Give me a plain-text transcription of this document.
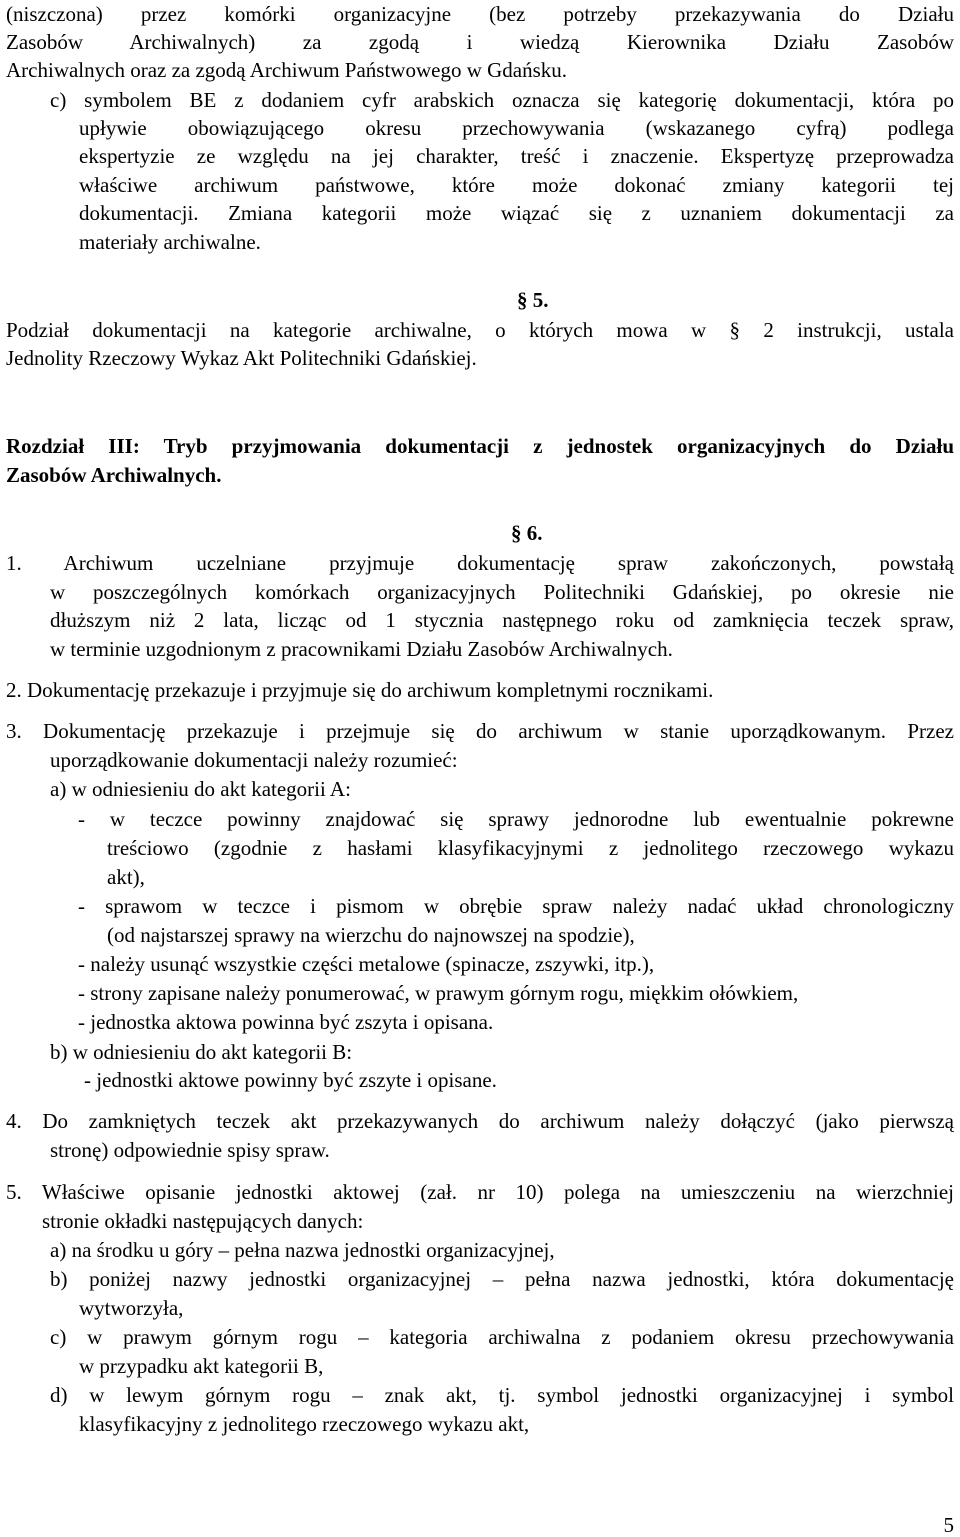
5
(niszczona) przez komórki organizacyjne (bez potrzeby przekazywania do Działu
Zasobów Archiwalnych) za zgodą i wiedzą Kierownika Działu Zasobów
Archiwalnych oraz za zgodą Archiwum Państwowego w Gdańsku.
c) symbolem BE z dodaniem cyfr arabskich oznacza się kategorię dokumentacji, która po
upływie obowiązującego okresu przechowywania (wskazanego cyfrą) podlega
ekspertyzie ze względu na jej charakter, treść i znaczenie. Ekspertyzę przeprowadza
właściwe archiwum państwowe, które może dokonać zmiany kategorii tej
dokumentacji. Zmiana kategorii może wiązać się z uznaniem dokumentacji za
materiały archiwalne.
§ 5.
Podział dokumentacji na kategorie archiwalne, o których mowa w § 2 instrukcji, ustala
Jednolity Rzeczowy Wykaz Akt Politechniki Gdańskiej.
Rozdział III: Tryb przyjmowania dokumentacji z jednostek organizacyjnych do Działu
Zasobów Archiwalnych.
§ 6.
1. Archiwum uczelniane przyjmuje dokumentację spraw zakończonych, powstałą
w poszczególnych komórkach organizacyjnych Politechniki Gdańskiej, po okresie nie
dłuższym niż 2 lata, licząc od 1 stycznia następnego roku od zamknięcia teczek spraw,
w terminie uzgodnionym z pracownikami Działu Zasobów Archiwalnych.
2. Dokumentację przekazuje i przyjmuje się do archiwum kompletnymi rocznikami.
3. Dokumentację przekazuje i przejmuje się do archiwum w stanie uporządkowanym. Przez
uporządkowanie dokumentacji należy rozumieć:
a) w odniesieniu do akt kategorii A:
- w teczce powinny znajdować się sprawy jednorodne lub ewentualnie pokrewne
treściowo (zgodnie z hasłami klasyfikacyjnymi z jednolitego rzeczowego wykazu
akt),
- sprawom w teczce i pismom w obrębie spraw należy nadać układ chronologiczny
(od najstarszej sprawy na wierzchu do najnowszej na spodzie),
- należy usunąć wszystkie części metalowe (spinacze, zszywki, itp.),
- strony zapisane należy ponumerować, w prawym górnym rogu, miękkim ołówkiem,
- jednostka aktowa powinna być zszyta i opisana.
b) w odniesieniu do akt kategorii B:
- jednostki aktowe powinny być zszyte i opisane.
4. Do zamkniętych teczek akt przekazywanych do archiwum należy dołączyć (jako pierwszą
stronę) odpowiednie spisy spraw.
5. Właściwe opisanie jednostki aktowej (zał. nr 10) polega na umieszczeniu na wierzchniej
stronie okładki następujących danych:
a) na środku u góry – pełna nazwa jednostki organizacyjnej,
b) poniżej nazwy jednostki organizacyjnej – pełna nazwa jednostki, która dokumentację
wytworzyła,
c) w prawym górnym rogu – kategoria archiwalna z podaniem okresu przechowywania
w przypadku akt kategorii B,
d) w lewym górnym rogu – znak akt, tj. symbol jednostki organizacyjnej i symbol
klasyfikacyjny z jednolitego rzeczowego wykazu akt,
